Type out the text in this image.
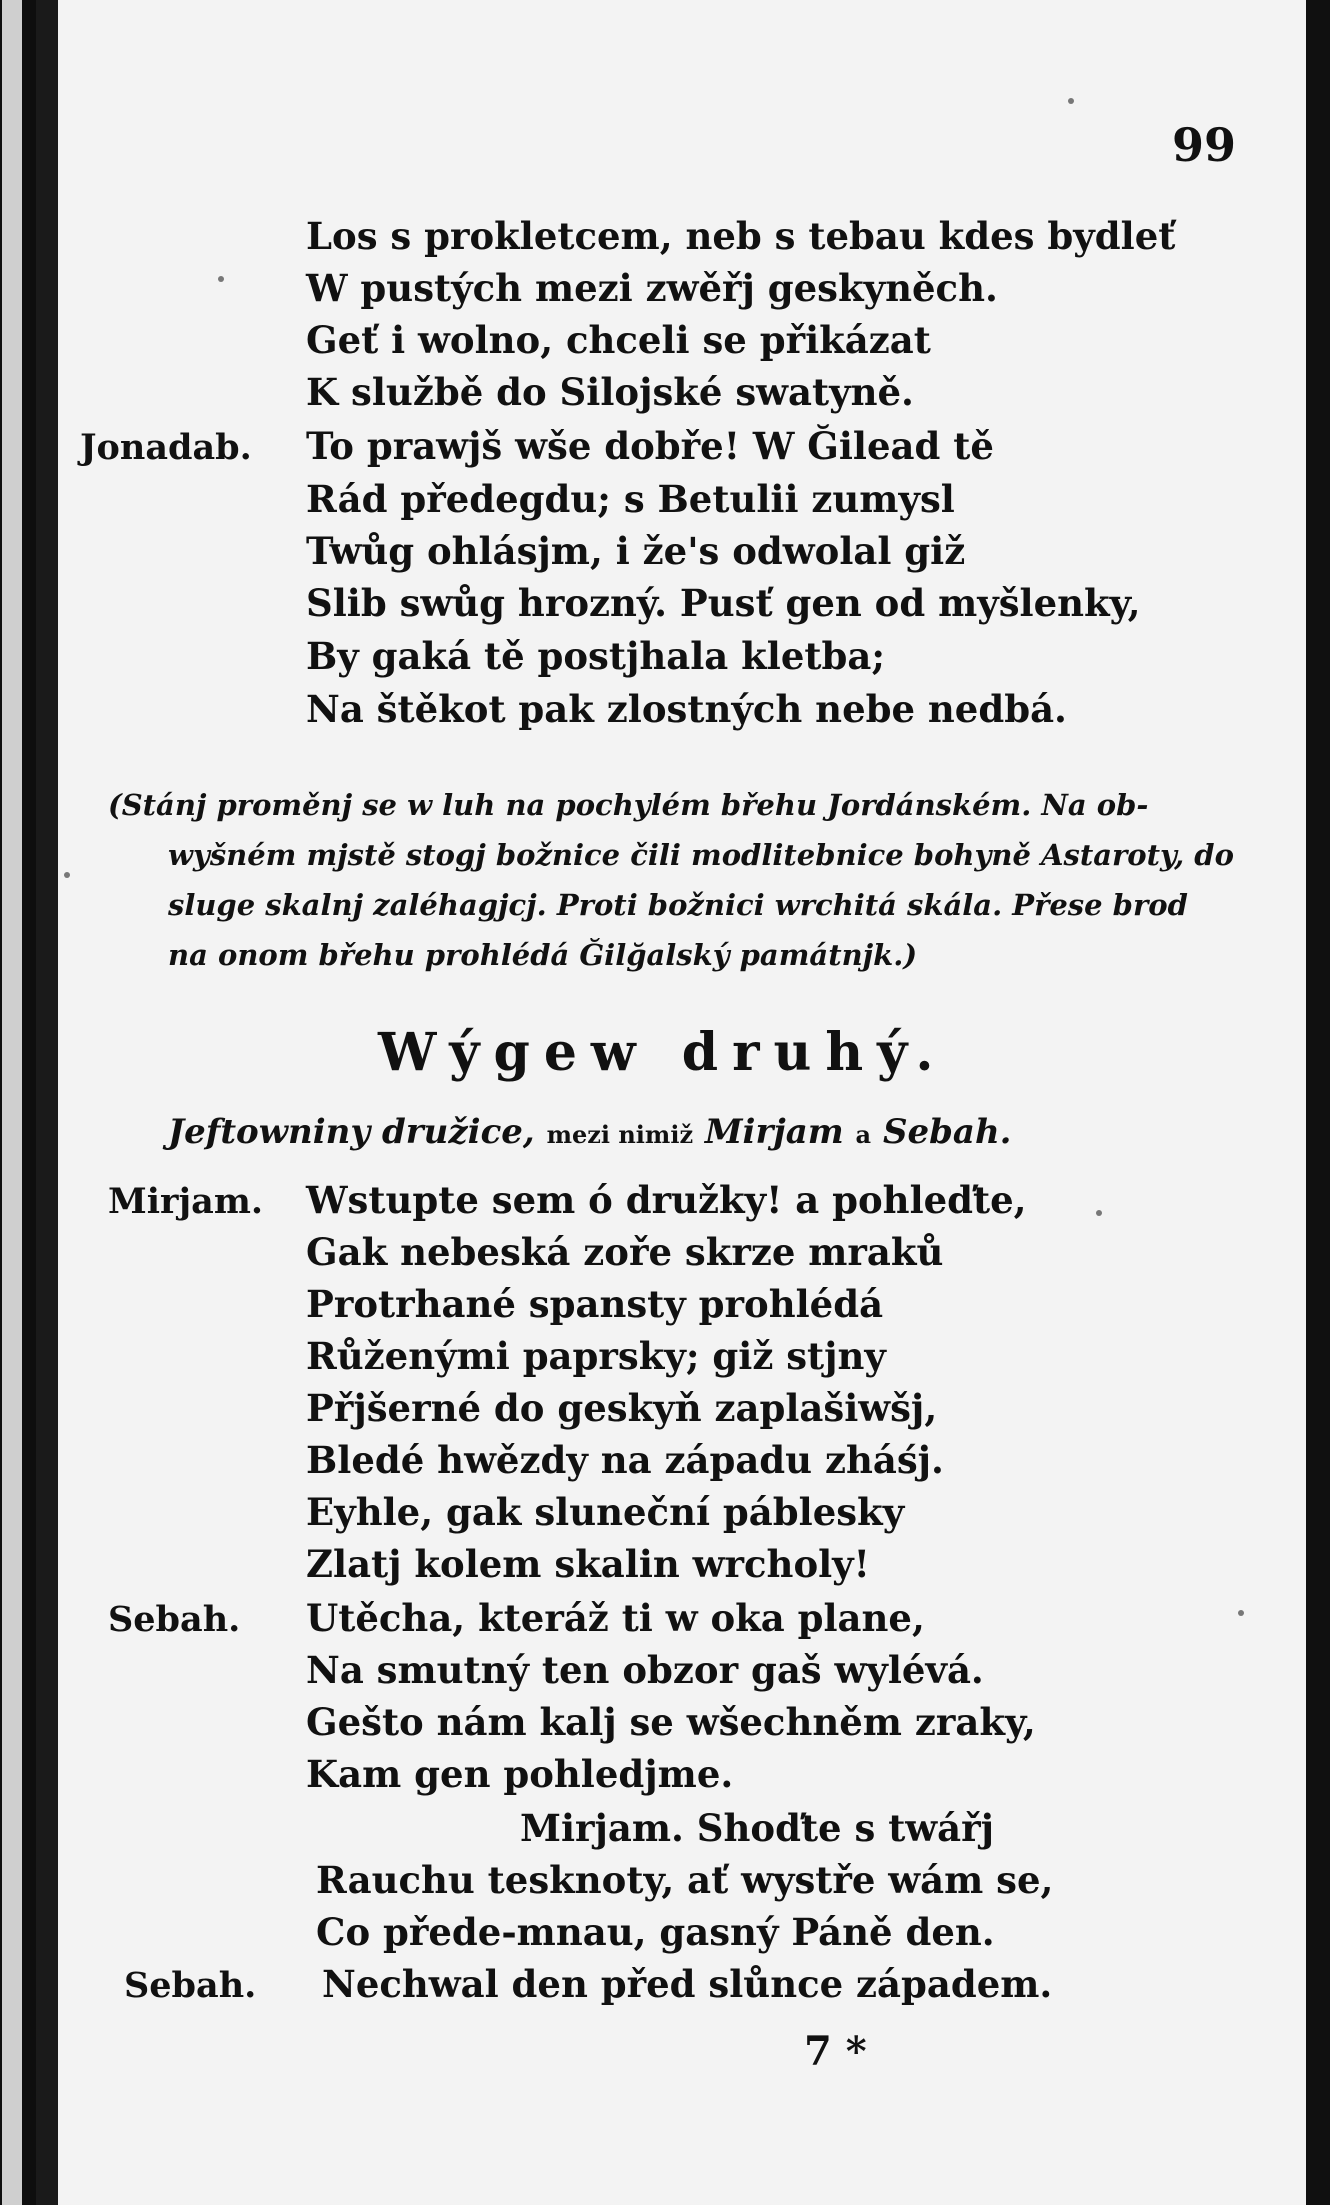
99
Los s prokletcem, neb s tebau kdes bydleť
W pustých mezi zwěřj geskyněch.
Geť i wolno, chceli se přikázat
K službě do Silojské swatyně.
Jonadab. To prawjš wše dobře! W Ğilead tě
Rád předegdu; s Betulii zumysl
Twůg ohlásjm, i že's odwolal giž
Slib swůg hrozný. Pusť gen od myšlenky,
By gaká tě postjhala kletba;
Na štěkot pak zlostných nebe nedbá.

(Stánj proměnj se w luh na pochylém břehu Jordánském. Na ob-

wyšném mjstě stogj božnice čili modlitebnice bohyně Astaroty, do

sluge skalnj zaléhagjcj. Proti božnici wrchitá skála. Přese brod

na onom břehu prohlédá Ğilğalský památnjk.)

Wýgew druhý.
Jeftowniny družice, mezi nimiž Mirjam a Sebah.
Mirjam. Wstupte sem ó družky! a pohleďte,
Gak nebeská zoře skrze mraků
Protrhané spansty prohlédá
Růženými paprsky; giž stjny
Přjšerné do geskyň zaplašiwšj,
Bledé hwězdy na západu zháśj.
Eyhle, gak sluneční páblesky
Zlatj kolem skalin wrcholy!
Sebah. Utěcha, kteráž ti w oka plane,
Na smutný ten obzor gaš wylévá.
Gešto nám kalj se wšechněm zraky,
Kam gen pohledjme.
Mirjam. Shoďte s twářj
Rauchu tesknoty, ať wystře wám se,
Co přede-mnau, gasný Páně den.
Sebah. Nechwal den před slůnce západem.
7 *
